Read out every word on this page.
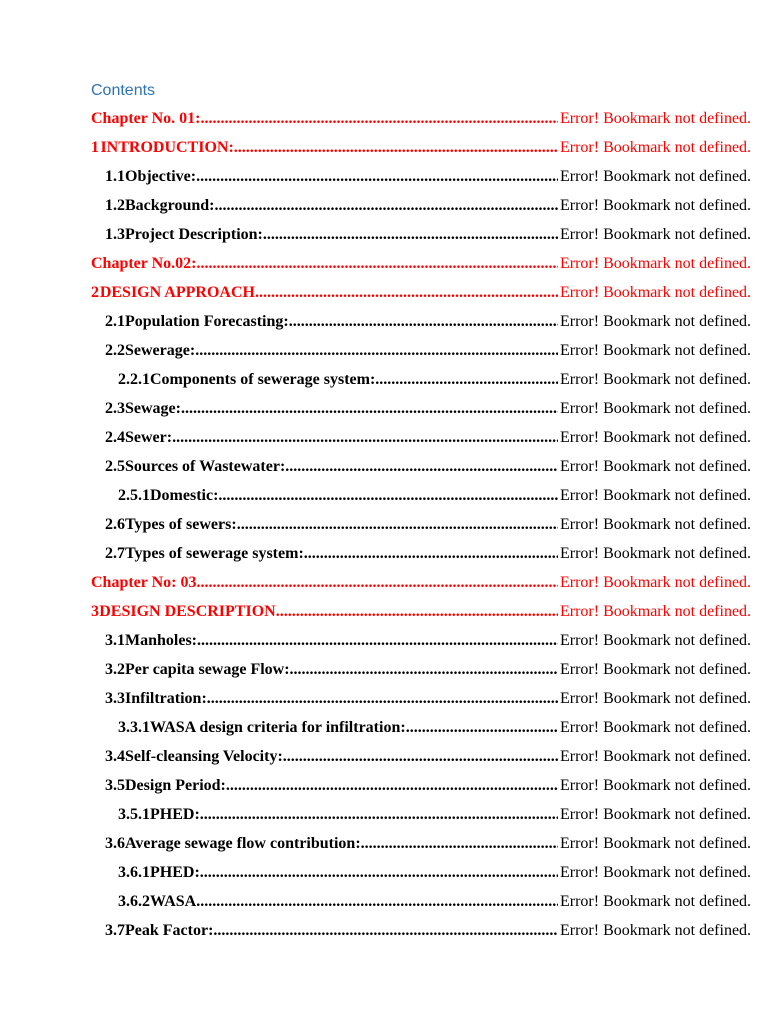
Contents
Chapter No. 01: .....	Error! Bookmark not defined.
1 INTRODUCTION: .....	Error! Bookmark not defined.
1.1 Objective: .....	Error! Bookmark not defined.
1.2 Background: .....	Error! Bookmark not defined.
1.3 Project Description: .....	Error! Bookmark not defined.
Chapter No.02: .....	Error! Bookmark not defined.
2 DESIGN APPROACH .....	Error! Bookmark not defined.
2.1 Population Forecasting: .....	Error! Bookmark not defined.
2.2 Sewerage: .....	Error! Bookmark not defined.
2.2.1 Components of sewerage system: .....	Error! Bookmark not defined.
2.3 Sewage: .....	Error! Bookmark not defined.
2.4 Sewer: .....	Error! Bookmark not defined.
2.5 Sources of Wastewater: .....	Error! Bookmark not defined.
2.5.1 Domestic: .....	Error! Bookmark not defined.
2.6 Types of sewers: .....	Error! Bookmark not defined.
2.7 Types of sewerage system: .....	Error! Bookmark not defined.
Chapter No: 03 .....	Error! Bookmark not defined.
3 DESIGN DESCRIPTION .....	Error! Bookmark not defined.
3.1 Manholes: .....	Error! Bookmark not defined.
3.2 Per capita sewage Flow: .....	Error! Bookmark not defined.
3.3 Infiltration: .....	Error! Bookmark not defined.
3.3.1 WASA design criteria for infiltration: .....	Error! Bookmark not defined.
3.4 Self-cleansing Velocity: .....	Error! Bookmark not defined.
3.5 Design Period: .....	Error! Bookmark not defined.
3.5.1 PHED: .....	Error! Bookmark not defined.
3.6 Average sewage flow contribution: .....	Error! Bookmark not defined.
3.6.1 PHED: .....	Error! Bookmark not defined.
3.6.2 WASA .....	Error! Bookmark not defined.
3.7 Peak Factor: .....	Error! Bookmark not defined.
